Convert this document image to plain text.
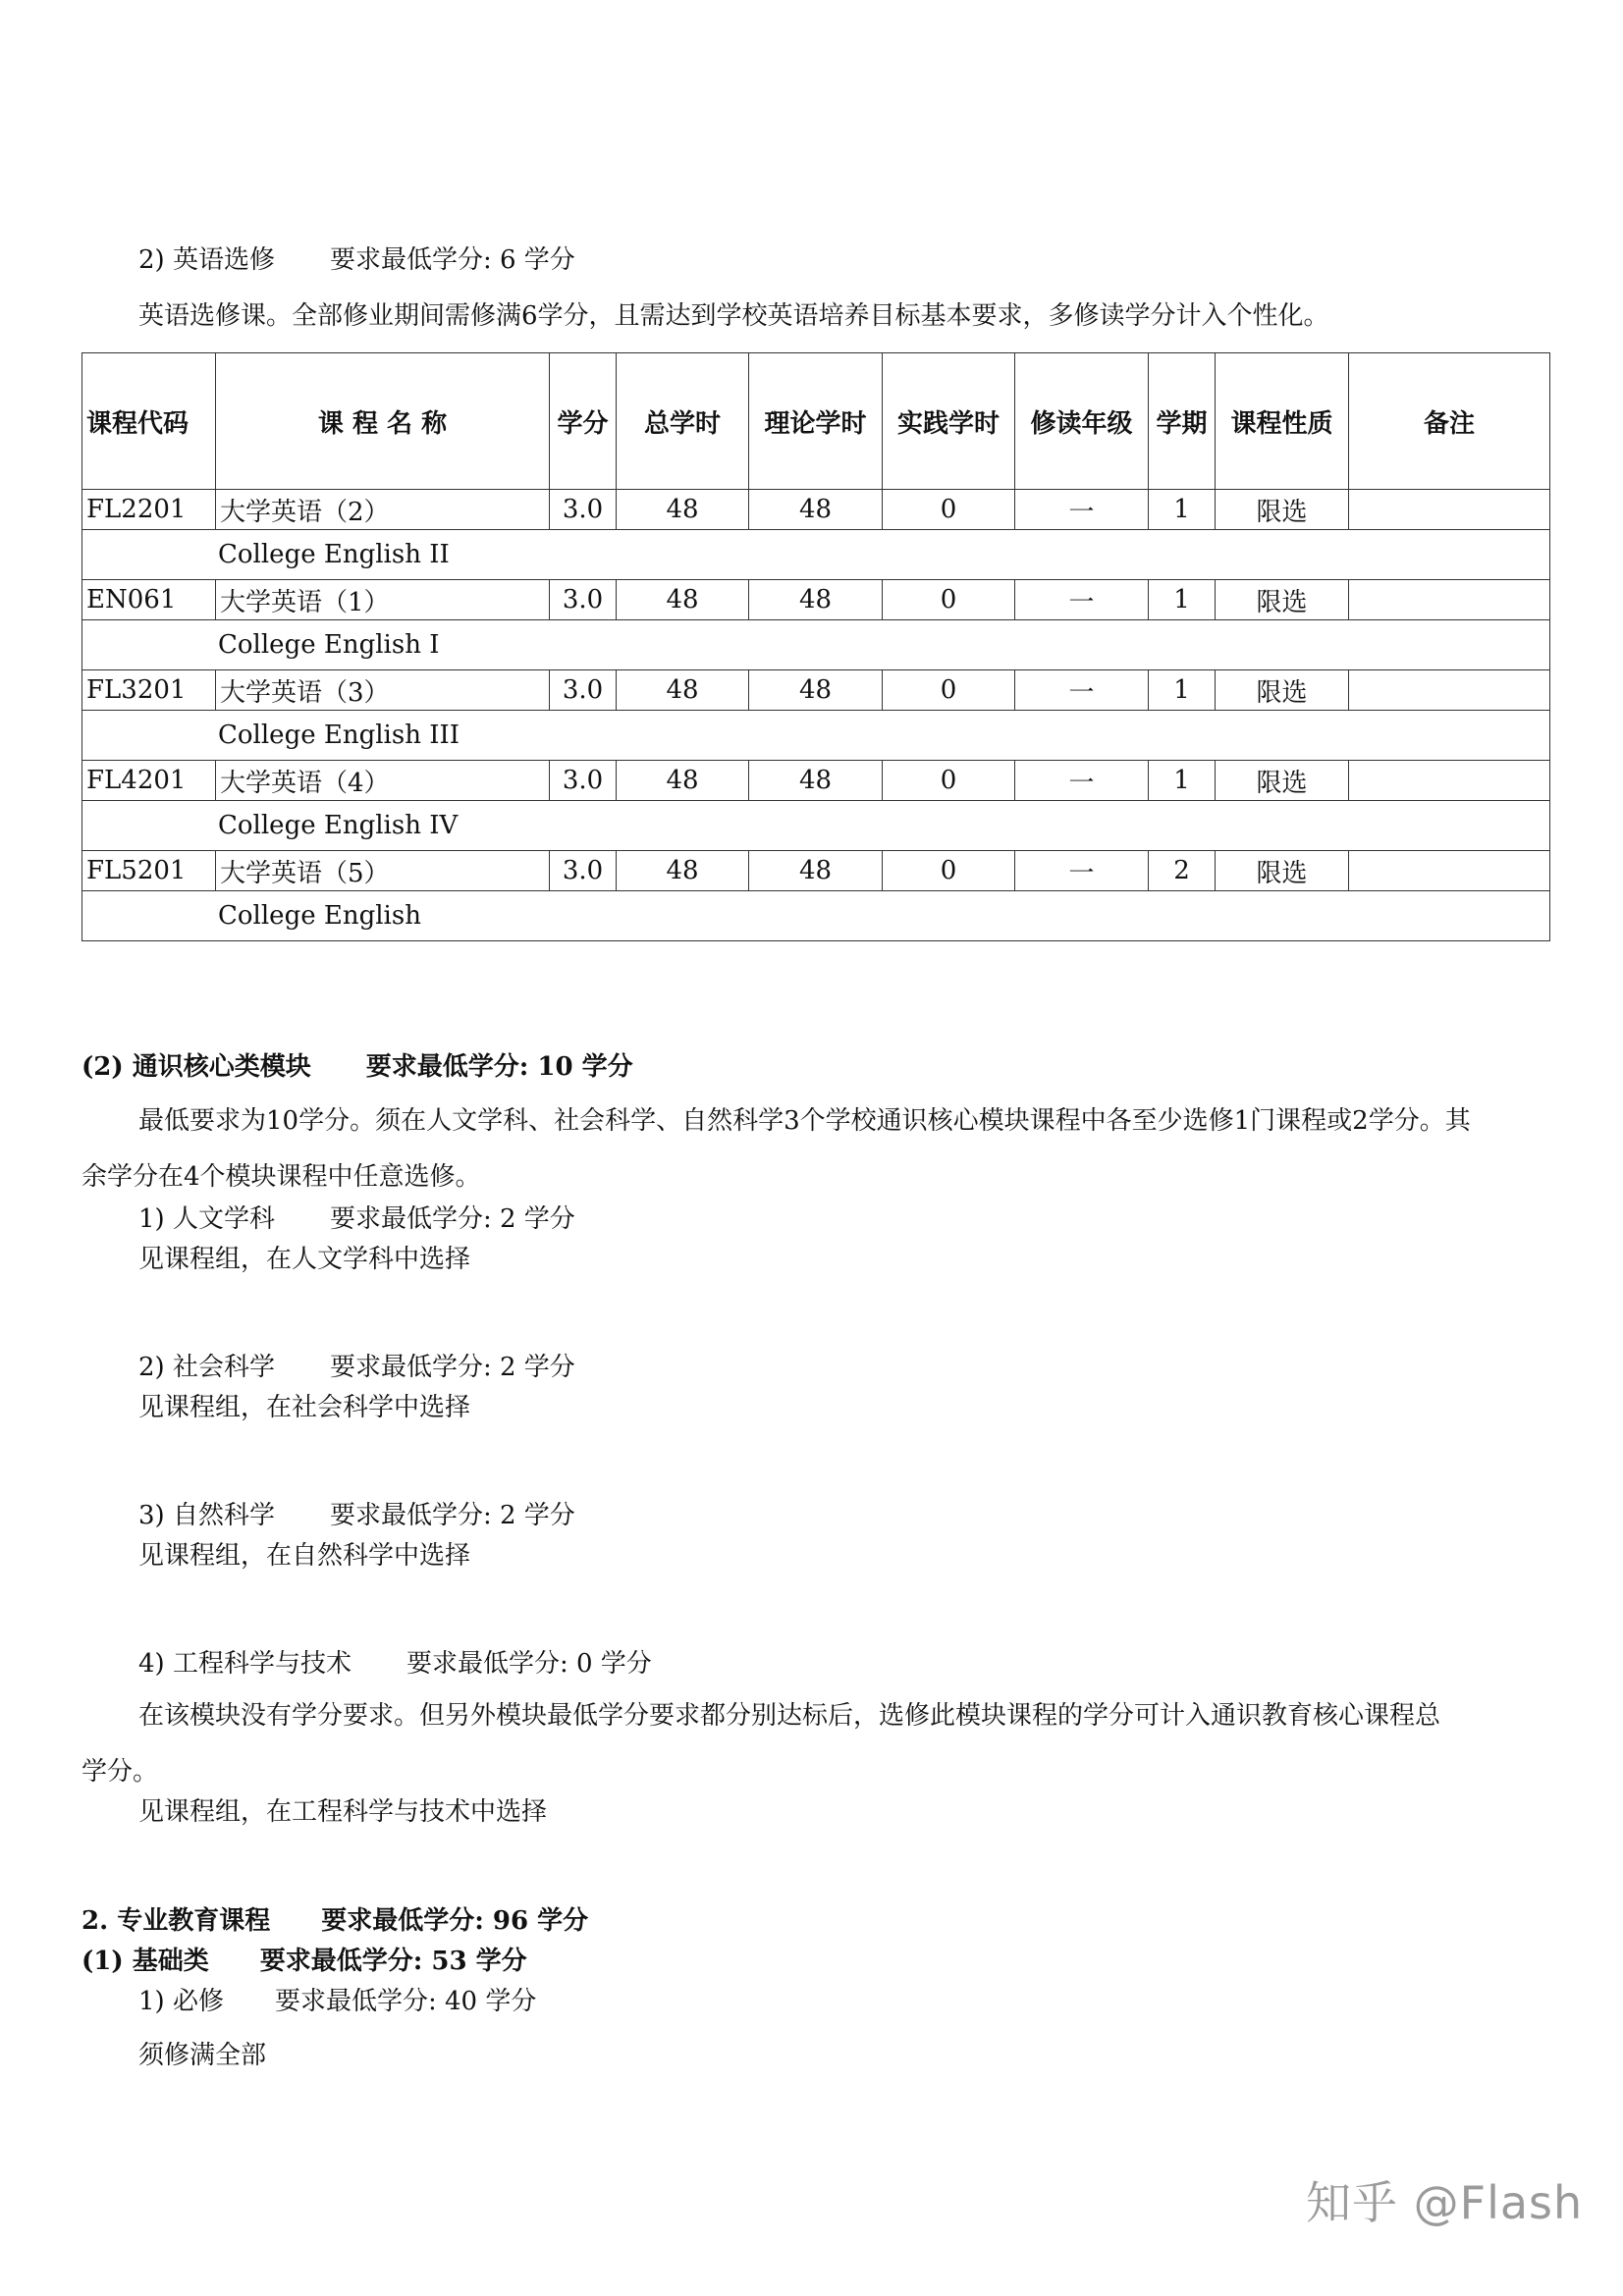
2) 英语选修 要求最低学分: 6 学分
英语选修课。全部修业期间需修满6学分，且需达到学校英语培养目标基本要求，多修读学分计入个性化。
课程代码	课 程 名 称	学分	总学时	理论学时	实践学时	修读年级	学期	课程性质	备注
FL2201	大学英语（2）	3.0	48	48	0	一	1	限选	
College English II									
EN061	大学英语（1）	3.0	48	48	0	一	1	限选	
College English I									
FL3201	大学英语（3）	3.0	48	48	0	一	1	限选	
College English III									
FL4201	大学英语（4）	3.0	48	48	0	一	1	限选	
College English IV									
FL5201	大学英语（5）	3.0	48	48	0	一	2	限选	
College English									
(2) 通识核心类模块 要求最低学分: 10 学分
最低要求为10学分。须在人文学科、社会科学、自然科学3个学校通识核心模块课程中各至少选修1门课程或2学分。其
余学分在4个模块课程中任意选修。
1) 人文学科 要求最低学分: 2 学分
见课程组，在人文学科中选择
2) 社会科学 要求最低学分: 2 学分
见课程组，在社会科学中选择
3) 自然科学 要求最低学分: 2 学分
见课程组，在自然科学中选择
4) 工程科学与技术 要求最低学分: 0 学分
在该模块没有学分要求。但另外模块最低学分要求都分别达标后，选修此模块课程的学分可计入通识教育核心课程总
学分。
见课程组，在工程科学与技术中选择
2. 专业教育课程 要求最低学分: 96 学分
(1) 基础类 要求最低学分: 53 学分
1) 必修 要求最低学分: 40 学分
须修满全部
知乎 @Flash
